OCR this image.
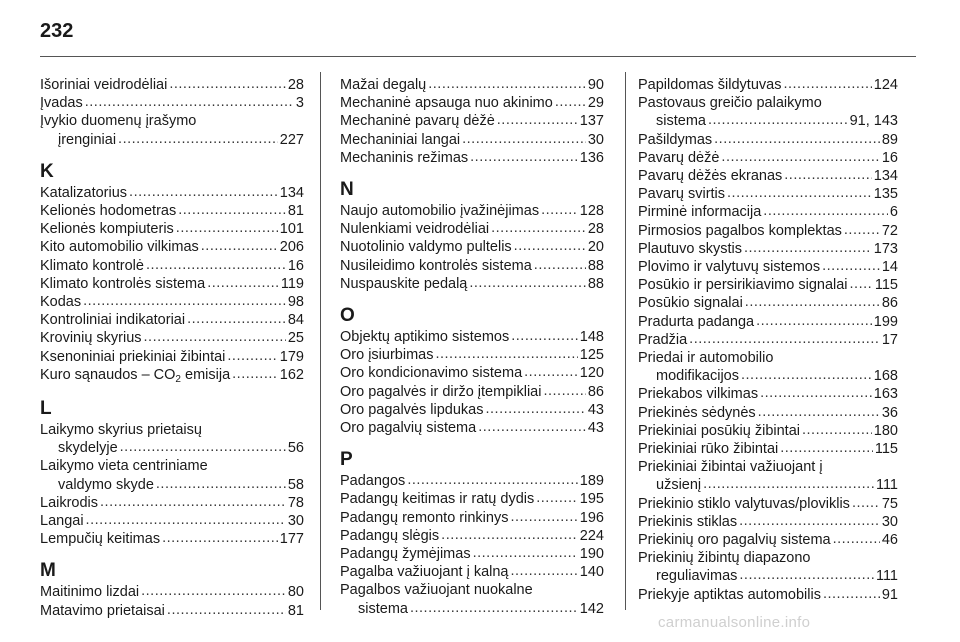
232
Išoriniai veidrodėliai .....	28
Įvadas .....	3
Įvykio duomenų įrašymo
įrenginiai .....	227
K
Katalizatorius .....	134
Kelionės hodometras .....	81
Kelionės kompiuteris .....	101
Kito automobilio vilkimas .....	206
Klimato kontrolė .....	16
Klimato kontrolės sistema .....	119
Kodas .....	98
Kontroliniai indikatoriai .....	84
Krovinių skyrius .....	25
Ksenoniniai priekiniai žibintai .....	179
Kuro sąnaudos – $CO_2$ emisija .....	162
L
Laikymo skyrius prietaisų
skydelyje .....	56
Laikymo vieta centriniame
valdymo skyde .....	58
Laikrodis .....	78
Langai .....	30
Lempučių keitimas .....	177
M
Maitinimo lizdai .....	80
Matavimo prietaisai .....	81
Mažai degalų .....	90
Mechaninė apsauga nuo akinimo ..... 29
Mechaninė pavarų dėžė .....	137
Mechaniniai langai .....	30
Mechaninis režimas .....	136
N
Naujo automobilio įvažinėjimas .....	128
Nulenkiami veidrodėliai .....	28
Nuotolinio valdymo pultelis .....	20
Nusileidimo kontrolės sistema .....	88
Nuspauskite pedalą .....	88
O
Objektų aptikimo sistemos .....	148
Oro įsiurbimas .....	125
Oro kondicionavimo sistema .....	120
Oro pagalvės ir diržo įtempikliai .....	86
Oro pagalvės lipdukas .....	43
Oro pagalvių sistema .....	43
P
Padangos .....	189
Padangų keitimas ir ratų dydis .....	195
Padangų remonto rinkinys .....	196
Padangų slėgis .....	224
Padangų žymėjimas .....	190
Pagalba važiuojant į kalną .....	140
Pagalbos važiuojant nuokalne
sistema .....	142
Papildomas šildytuvas .....	124
Pastovaus greičio palaikymo
sistema .....	91, 143
Pašildymas .....	89
Pavarų dėžė .....	16
Pavarų dėžės ekranas .....	134
Pavarų svirtis .....	135
Pirminė informacija .....	6
Pirmosios pagalbos komplektas .....	72
Plautuvo skystis .....	173
Plovimo ir valytuvų sistemos .....	14
Posūkio ir persirikiavimo signalai ..... 115
Posūkio signalai .....	86
Pradurta padanga .....	199
Pradžia .....	17
Priedai ir automobilio
modifikacijos .....	168
Priekabos vilkimas .....	163
Priekinės sėdynės .....	36
Priekiniai posūkių žibintai .....	180
Priekiniai rūko žibintai .....	115
Priekiniai žibintai važiuojant į
užsienį .....	111
Priekinio stiklo valytuvas/ploviklis ..... 75
Priekinis stiklas .....	30
Priekinių oro pagalvių sistema .....	46
Priekinių žibintų diapazono
reguliavimas .....	111
Priekyje aptiktas automobilis .....	91
carmanualsonline.info
